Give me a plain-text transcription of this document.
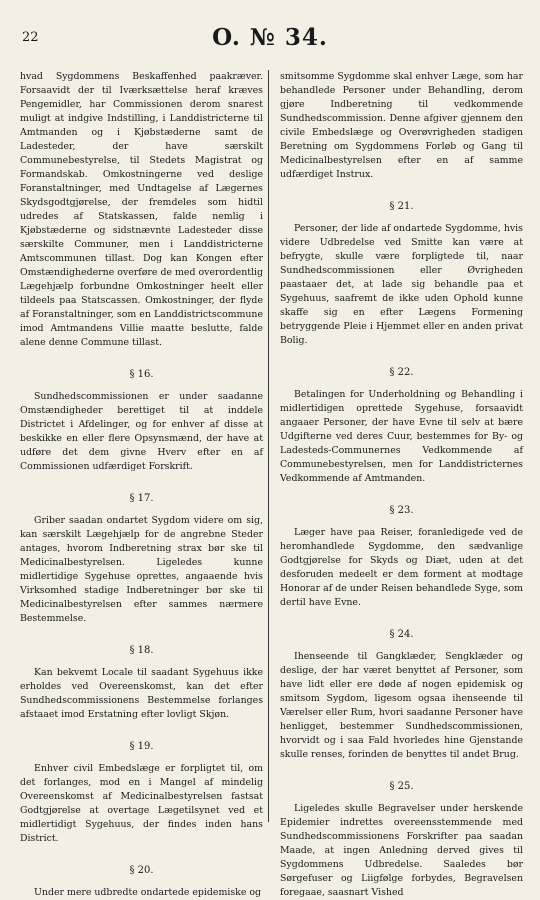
22	O. № 34.

hvad Sygdommens Beskaffenhed paakræver. Forsaavidt der til Iværksættelse heraf kræves Pengemidler, har Commissionen derom snarest muligt at indgive Indstilling, i Landdistricterne til Amtmanden og i Kjøbstæderne samt de Ladesteder, der have særskilt Communebestyrelse, til Stedets Magistrat og Formandskab. Omkostningerne ved deslige Foranstaltninger, med Undtagelse af Lægernes Skydsgodtgjørelse, der fremdeles som hidtil udredes af Statskassen, falde nemlig i Kjøbstæderne og sidstnævnte Ladesteder disse særskilte Communer, men i Landdistricterne Amtscommunen tillast. Dog kan Kongen efter Omstændighederne overføre de med overordentlig Lægehjælp forbundne Omkostninger heelt eller tildeels paa Statscassen. Omkostninger, der flyde af Foranstaltninger, som en Landdistrictscommune imod Amtmandens Villie maatte beslutte, falde alene denne Commune tillast.

§ 16.

Sundhedscommissionen er under saadanne Omstændigheder berettiget til at inddele Districtet i Afdelinger, og for enhver af disse at beskikke en eller flere Opsynsmænd, der have at udføre det dem givne Hverv efter en af Commissionen udfærdiget Forskrift.

§ 17.

Griber saadan ondartet Sygdom videre om sig, kan særskilt Lægehjælp for de angrebne Steder antages, hvorom Indberetning strax bør ske til Medicinalbestyrelsen. Ligeledes kunne midlertidige Sygehuse oprettes, angaaende hvis Virksomhed stadige Indberetninger bør ske til Medicinalbestyrelsen efter sammes nærmere Bestemmelse.

§ 18.

Kan bekvemt Locale til saadant Sygehuus ikke erholdes ved Overeenskomst, kan det efter Sundhedscommissionens Bestemmelse forlanges afstaaet imod Erstatning efter lovligt Skjøn.

§ 19.

Enhver civil Embedslæge er forpligtet til, om det forlanges, mod en i Mangel af mindelig Overeenskomst af Medicinalbestyrelsen fastsat Godtgjørelse at overtage Lægetilsynet ved et midlertidigt Sygehuus, der findes inden hans District.

§ 20.

Under mere udbredte ondartede epidemiske og

smitsomme Sygdomme skal enhver Læge, som har behandlede Personer under Behandling, derom gjøre Indberetning til vedkommende Sundhedscommission. Denne afgiver gjennem den civile Embedslæge og Overøvrigheden stadigen Beretning om Sygdommens Forløb og Gang til Medicinalbestyrelsen efter en af samme udfærdiget Instrux.

§ 21.

Personer, der lide af ondartede Sygdomme, hvis videre Udbredelse ved Smitte kan være at befrygte, skulle være forpligtede til, naar Sundhedscommissionen eller Øvrigheden paastaaer det, at lade sig behandle paa et Sygehuus, saafremt de ikke uden Ophold kunne skaffe sig en efter Lægens Formening betryggende Pleie i Hjemmet eller en anden privat Bolig.

§ 22.

Betalingen for Underholdning og Behandling i midlertidigen oprettede Sygehuse, forsaavidt angaaer Personer, der have Evne til selv at bære Udgifterne ved deres Cuur, bestemmes for By- og Ladesteds-Communernes Vedkommende af Communebestyrelsen, men for Landdistricternes Vedkommende af Amtmanden.

§ 23.

Læger have paa Reiser, foranledigede ved de heromhandlede Sygdomme, den sædvanlige Godtgjørelse for Skyds og Diæt, uden at det desforuden medeelt er dem forment at modtage Honorar af de under Reisen behandlede Syge, som dertil have Evne.

§ 24.

Ihenseende til Gangklæder, Sengklæder og deslige, der har været benyttet af Personer, som have lidt eller ere døde af nogen epidemisk og smitsom Sygdom, ligesom ogsaa ihenseende til Værelser eller Rum, hvori saadanne Personer have henligget, bestemmer Sundhedscommissionen, hvorvidt og i saa Fald hvorledes hine Gjenstande skulle renses, forinden de benyttes til andet Brug.

§ 25.

Ligeledes skulle Begravelser under herskende Epidemier indrettes overeensstemmende med Sundhedscommissionens Forskrifter paa saadan Maade, at ingen Anledning derved gives til Sygdommens Udbredelse. Saaledes bør Sørgefuser og Liigfølge forbydes, Begravelsen foregaae, saasnart Vished
